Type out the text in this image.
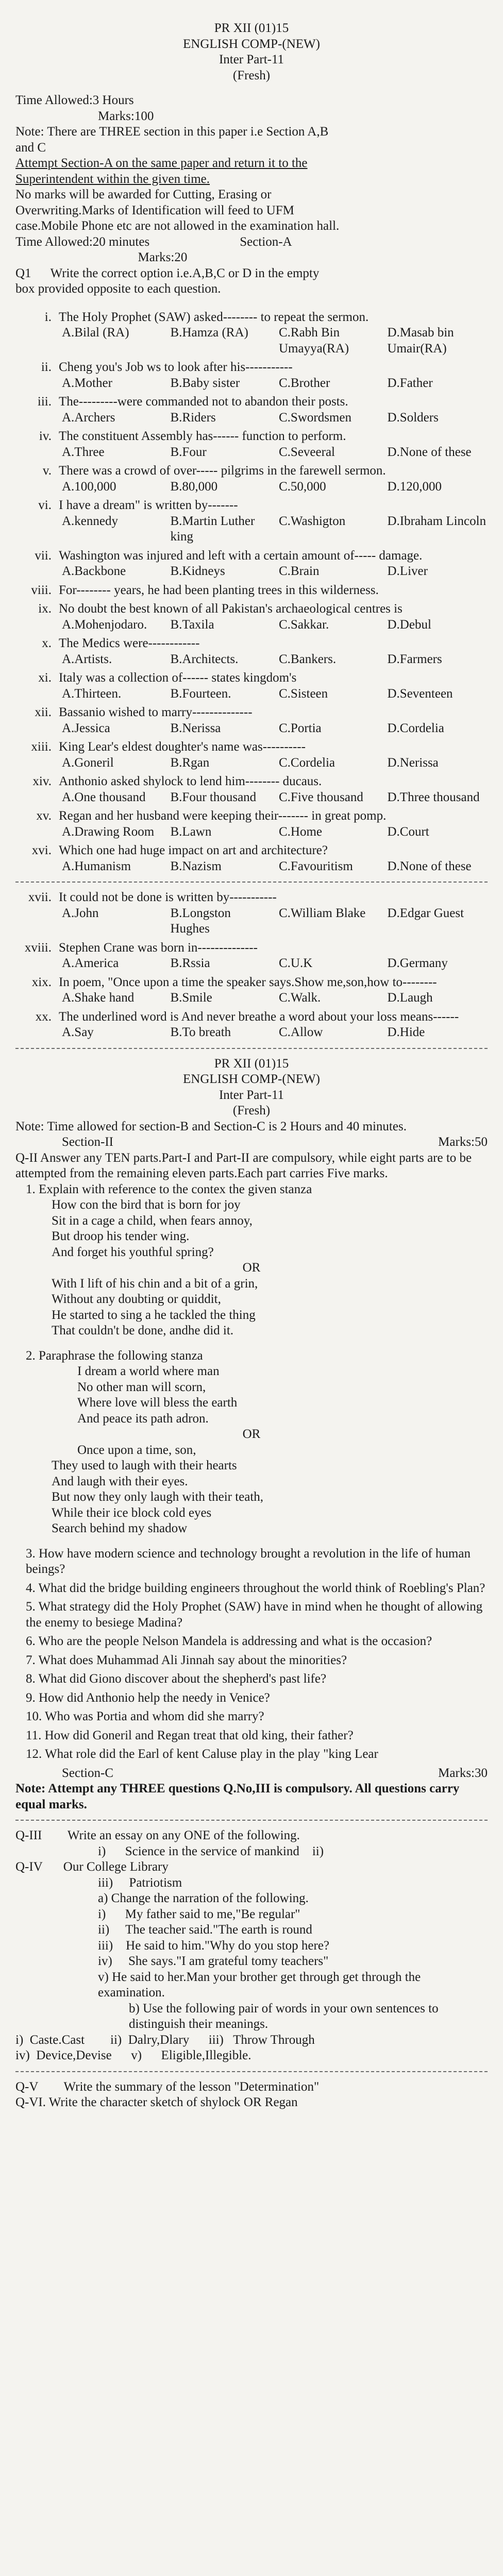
PR XII (01)15

ENGLISH COMP-(NEW)

Inter Part-11

(Fresh)

Time Allowed:3 Hours

Marks:100

Note: There are THREE section in this paper i.e Section A,B

and C

Attempt Section-A on the same paper and return it to the

Superintendent within the given time.

No marks will be awarded for Cutting, Erasing or

Overwriting.Marks of Identification will feed to UFM

case.Mobile Phone etc are not allowed in the examination hall.

Time Allowed:20 minutes                            Section-A

Marks:20

Q1      Write the correct option i.e.A,B,C or D in the empty

box provided opposite to each question.

i. The Holy Prophet (SAW) asked-------- to repeat the sermon.
A.Bilal (RA)	B.Hamza (RA)	C.Rabh Bin Umayya(RA)
D.Masab bin Umair(RA)
ii. Cheng you's Job ws to look after his-----------
A.Mother	B.Baby sister	C.Brother	D.Father
iii. The---------were commanded not to abandon their posts.
A.Archers	B.Riders	C.Swordsmen	D.Solders
iv. The constituent Assembly has------ function to perform.
A.Three	B.Four	C.Seveeral	D.None of these
v. There was a crowd of over----- pilgrims in the farewell sermon.
A.100,000	B.80,000	C.50,000	D.120,000
vi. I have a dream" is written by-------
A.kennedy	B.Martin Luther king
C.Washigton	D.Ibraham Lincoln
vii. Washington was injured and left with a certain amount of----- damage.
A.Backbone	B.Kidneys	C.Brain	D.Liver
viii. For-------- years, he had been planting trees in this wilderness.
ix. No doubt the best known of all Pakistan's archaeological centres is
A.Mohenjodaro.	B.Taxila	C.Sakkar.	D.Debul
x. The Medics were------------
A.Artists.	B.Architects.	C.Bankers.	D.Farmers
xi. Italy was a collection of------ states kingdom's
A.Thirteen.	B.Fourteen.	C.Sisteen	D.Seventeen
xii. Bassanio wished to marry--------------
A.Jessica	B.Nerissa	C.Portia	D.Cordelia
xiii. King Lear's eldest doughter's name was----------
A.Goneril	B.Rgan	C.Cordelia	D.Nerissa
xiv. Anthonio asked shylock to lend him-------- ducaus.
A.One thousand	B.Four thousand	C.Five thousand	D.Three thousand
xv. Regan and her husband were keeping their------- in great pomp.
A.Drawing Room	B.Lawn	C.Home	D.Court
xvi. Which one had huge impact on art and architecture?
A.Humanism	B.Nazism	C.Favouritism	D.None of these
xvii. It could not be done is written by-----------
A.John	B.Longston Hughes
C.William Blake	D.Edgar Guest
xviii. Stephen Crane was born in--------------
A.America	B.Rssia	C.U.K	D.Germany
xix. In poem, "Once upon a time the speaker says.Show me,son,how to--------
A.Shake hand	B.Smile	C.Walk.	D.Laugh
xx. The underlined word is And never breathe a word about your loss means------
A.Say	B.To breath	C.Allow	D.Hide

PR XII (01)15

ENGLISH COMP-(NEW)

Inter Part-11

(Fresh)

Note: Time allowed for section-B and Section-C is 2 Hours and 40 minutes.

Section-II	Marks:50

Q-II Answer any TEN parts.Part-I and Part-II are compulsory, while eight parts are to be attempted from the remaining eleven parts.Each part carries Five marks.

1. Explain with reference to the contex the given stanza

How con the bird that is born for joy

Sit in a cage a child, when fears annoy,

But droop his tender wing.

And forget his youthful spring?

OR

With I lift of his chin and a bit of a grin,

Without any doubting or quiddit,

He started to sing a he tackled the thing

That couldn't be done, andhe did it.

2. Paraphrase the following stanza

I dream a world where man

No other man will scorn,

Where love will bless the earth

And peace its path adron.

OR

Once upon a time, son,

They used to laugh with their hearts

And laugh with their eyes.

But now they only laugh with their teath,

While their ice block cold eyes

Search behind my shadow

3. How have modern science and technology brought a revolution in the life of human beings?

4. What did the bridge building engineers throughout the world think of Roebling's Plan?

5. What strategy did the Holy Prophet (SAW) have in mind when he thought of allowing the enemy to besiege Madina?

6. Who are the people Nelson Mandela is addressing and what is the occasion?

7. What does Muhammad Ali Jinnah say about the minorities?

8. What did Giono discover about the shepherd's past life?

9. How did Anthonio help the needy in Venice?

10. Who was Portia and whom did she marry?

11. How did Goneril and Regan treat that old king, their father?

12. What role did the Earl of kent Caluse play in the play "king Lear

Section-C	Marks:30

Note: Attempt any THREE questions Q.No,III is compulsory. All questions carry equal marks.

Q-III        Write an essay on any ONE of the following.

i)      Science in the service of mankind    ii)

Q-IV	Our College Library

iii)     Patriotism

a) Change the narration of the following.

i)      My father said to me,"Be regular"

ii)     The teacher said."The earth is round

iii)    He said to him."Why do you stop here?

iv)     She says."I am grateful tomy teachers"

v) He said to her.Man your brother get through get through the examination.

b) Use the following pair of words in your own sentences to distinguish their meanings.

i)  Caste.Cast        ii)  Dalry,Dlary      iii)   Throw Through

iv)  Device,Devise      v)      Eligible,Illegible.

Q-V        Write the summary of the lesson "Determination"

Q-VI. Write the character sketch of shylock OR Regan
